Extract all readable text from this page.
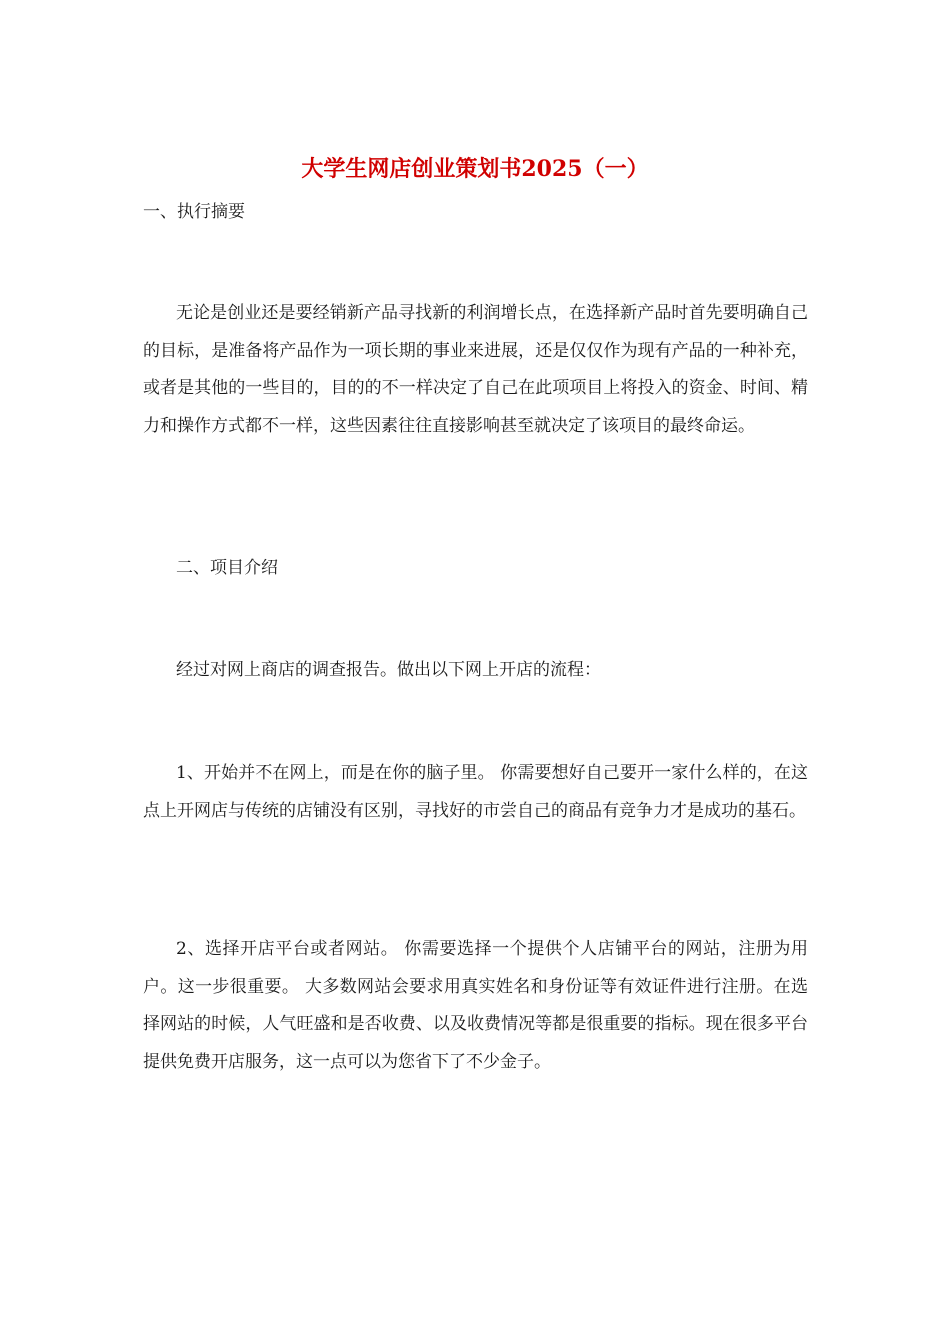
大学生网店创业策划书2025（一）

一、执行摘要

无论是创业还是要经销新产品寻找新的利润增长点，在选择新产品时首先要明确自己的目标，是准备将产品作为一项长期的事业来进展，还是仅仅作为现有产品的一种补充，或者是其他的一些目的，目的的不一样决定了自己在此项项目上将投入的资金、时间、精力和操作方式都不一样，这些因素往往直接影响甚至就决定了该项目的最终命运。

二、项目介绍

经过对网上商店的调查报告。做出以下网上开店的流程：

1、开始并不在网上，而是在你的脑子里。 你需要想好自己要开一家什么样的，在这点上开网店与传统的店铺没有区别，寻找好的市尝自己的商品有竞争力才是成功的基石。

2、选择开店平台或者网站。 你需要选择一个提供个人店铺平台的网站，注册为用户。这一步很重要。 大多数网站会要求用真实姓名和身份证等有效证件进行注册。在选择网站的时候，人气旺盛和是否收费、以及收费情况等都是很重要的指标。现在很多平台提供免费开店服务，这一点可以为您省下了不少金子。
